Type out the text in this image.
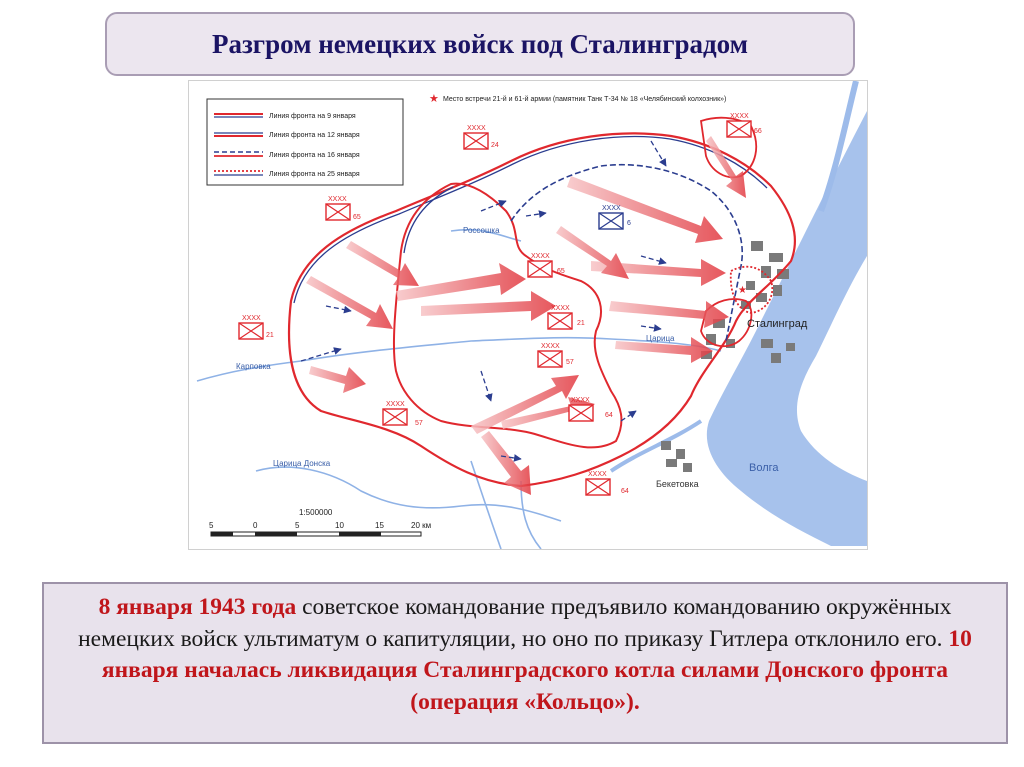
Разгром немецких войск под Сталинградом
XXXX
24
XXXX
66
XXXX
65
XXXX
6
XXXX
65
XXXX
21
XXXX
21
XXXX
57
XXXX
57
XXXX
64
XXXX
64
Сталинград
Волга
Бекетовка
Карповка
Россошка
Царица
Царица Донска
★ Место встречи 21-й и 61-й армии (памятник Танк Т-34 № 18 «Челябинский колхозник»)
★
Линия фронта на 9 января
Линия фронта на 12 января
Линия фронта на 16 января
Линия фронта на 25 января
1:500000
5	0	5	10	15	20 км
8 января 1943 года советское командование предъявило командованию окружённых немецких войск ультиматум о капитуляции, но оно по приказу Гитлера отклонило его. 10 января началась ликвидация Сталинградского котла силами Донского фронта (операция «Кольцо»).
